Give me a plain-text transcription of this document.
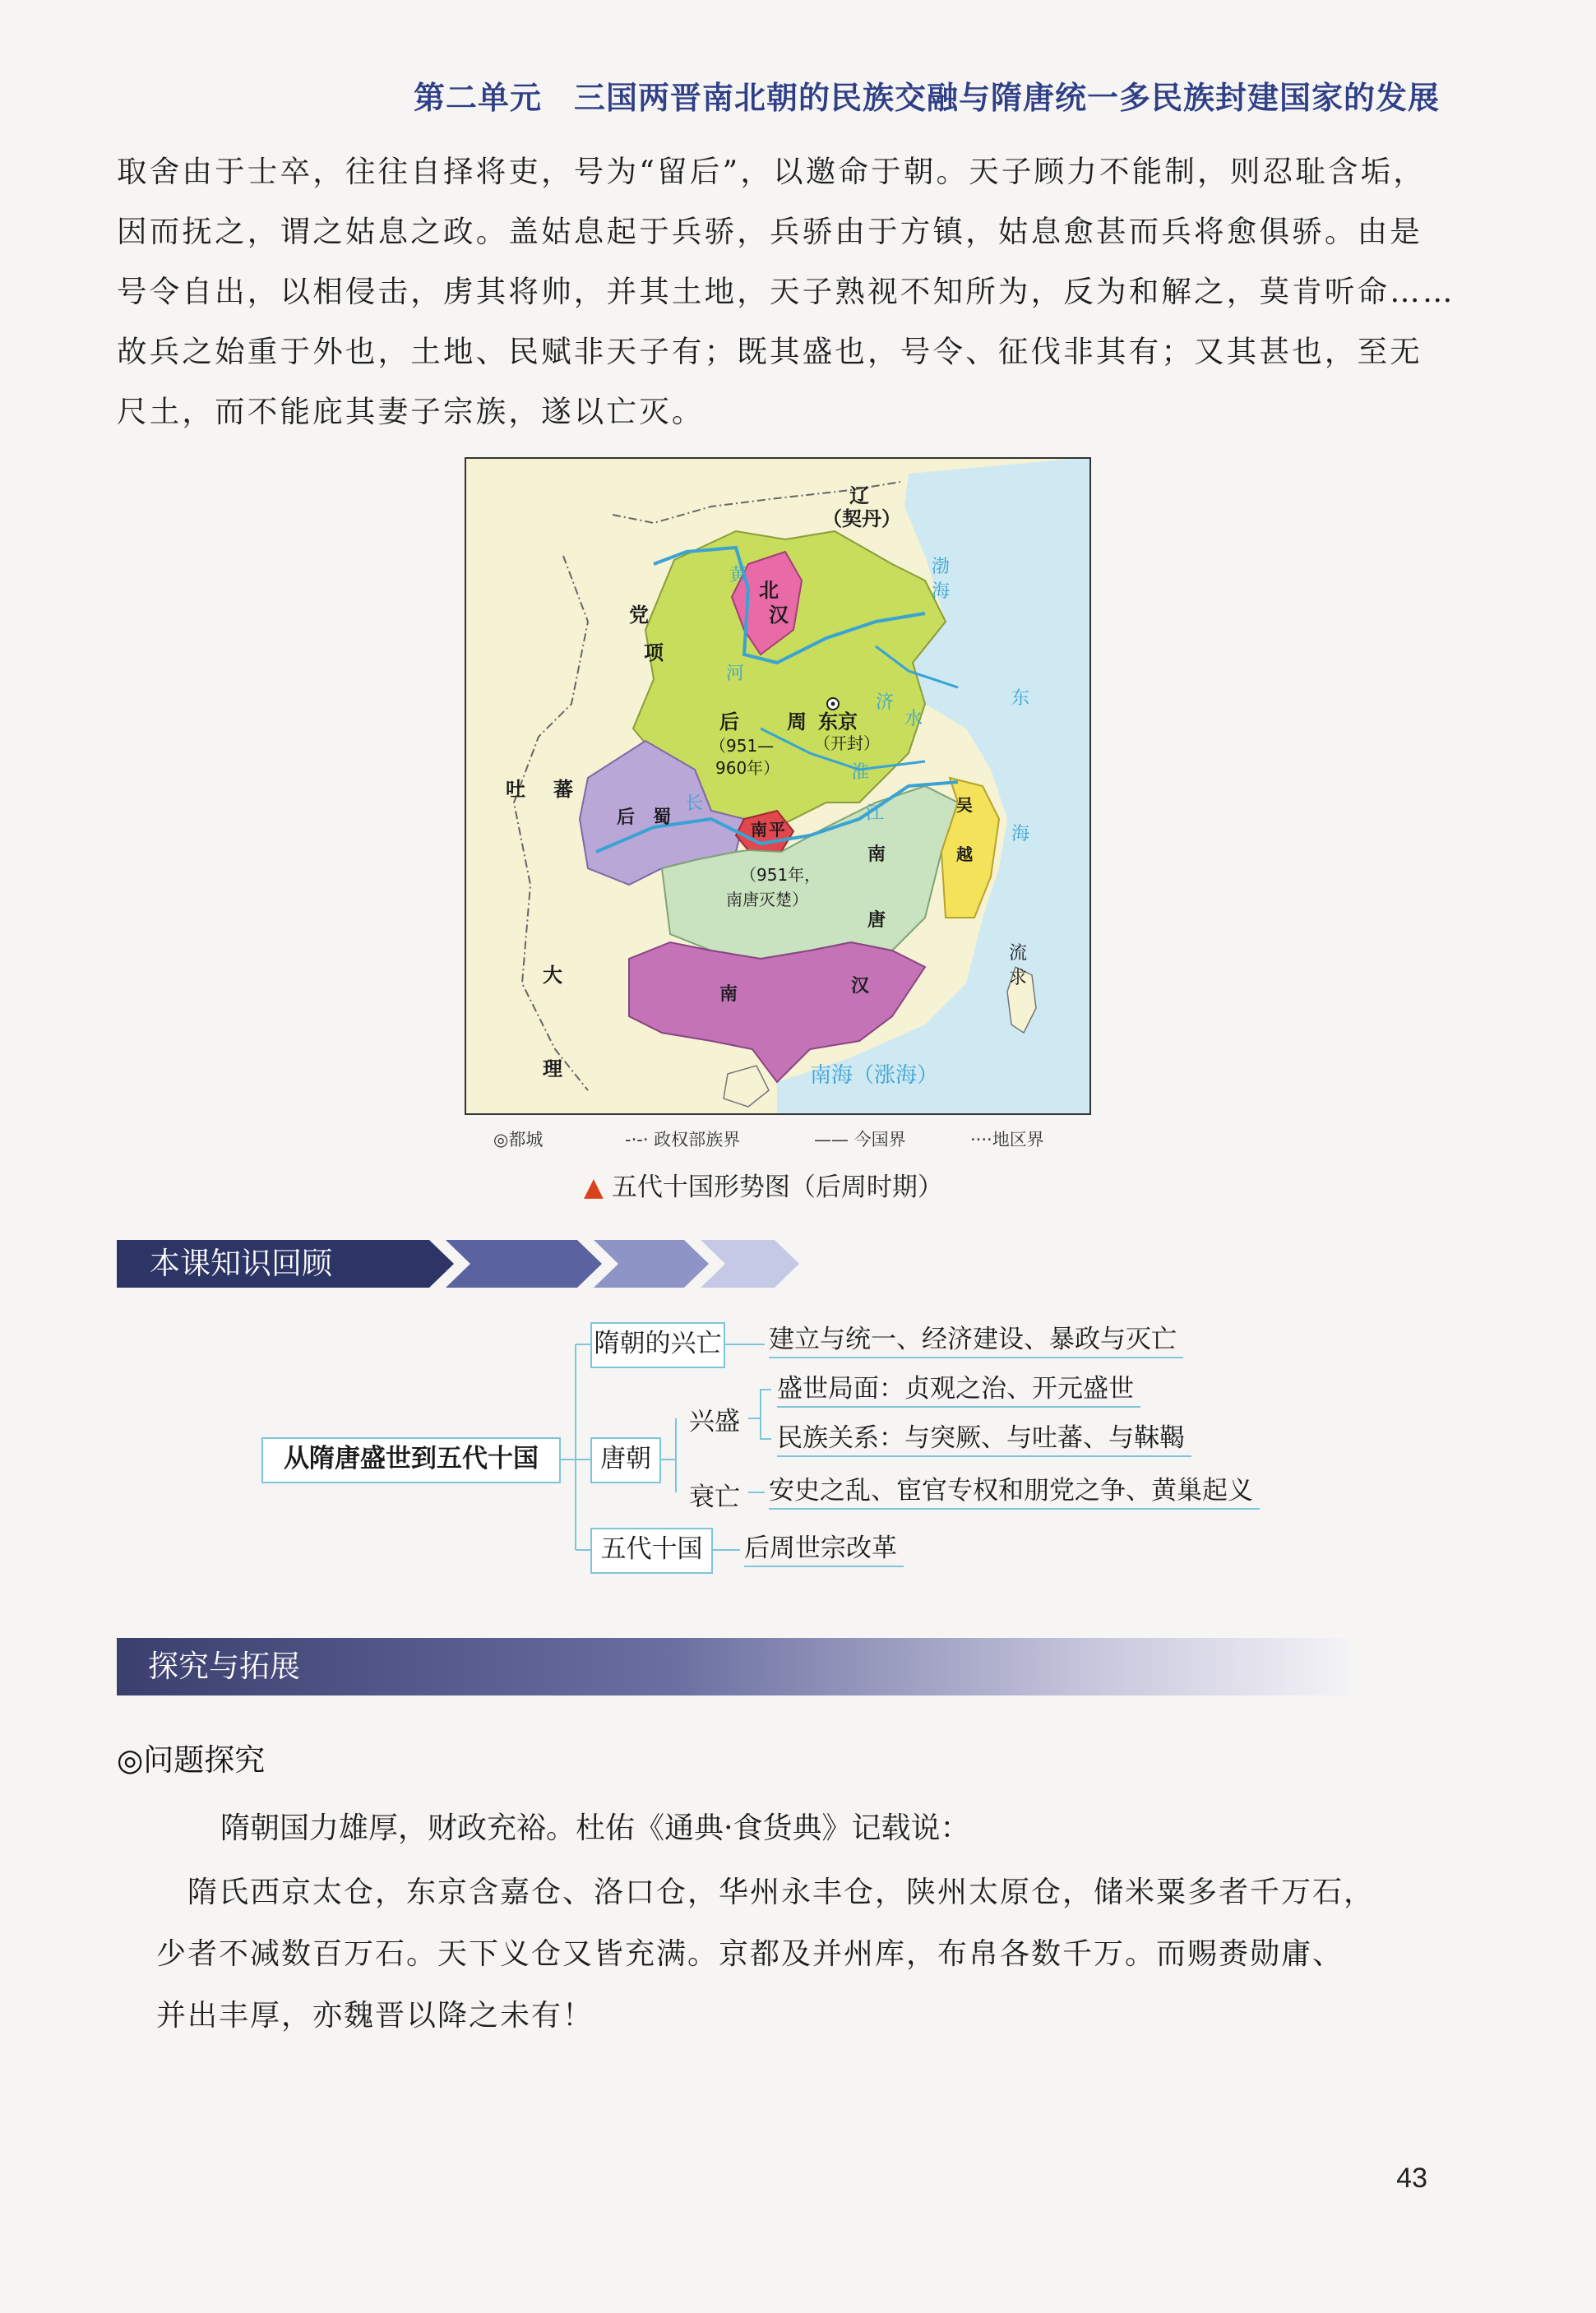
第二单元　三国两晋南北朝的民族交融与隋唐统一多民族封建国家的发展
取舍由于士卒，往往自择将吏，号为“留后”，以邀命于朝。天子顾力不能制，则忍耻含垢，
因而抚之，谓之姑息之政。盖姑息起于兵骄，兵骄由于方镇，姑息愈甚而兵将愈俱骄。由是
号令自出，以相侵击，虏其将帅，并其土地，天子熟视不知所为，反为和解之，莫肯听命……
故兵之始重于外也，土地、民赋非天子有；既其盛也，号令、征伐非其有；又其甚也，至无
尺土，而不能庇其妻子宗族，遂以亡灭。
辽
（契丹）
党
项
吐 蕃
大
理
北
汉
后 周 东京
后　蜀
南 平
南
唐
南	汉
吴
越
流
求
（951—
960年）
（开封）
（951年，
南唐灭楚）
黄
河
济
水
淮
长	江
渤
海
东
海
南海（涨海）
◎都城	-·-· 政权部族界	—— 今国界	····地区界
▲ 五代十国形势图（后周时期）
本课知识回顾
从隋唐盛世到五代十国
隋朝的兴亡 建立与统一、经济建设、暴政与灭亡
唐朝
兴盛
盛世局面：贞观之治、开元盛世
民族关系：与突厥、与吐蕃、与靺鞨
衰亡 安史之乱、宦官专权和朋党之争、黄巢起义
五代十国	后周世宗改革
探究与拓展
◎问题探究
隋朝国力雄厚，财政充裕。杜佑《通典·食货典》记载说：
　隋氏西京太仓，东京含嘉仓、洛口仓，华州永丰仓，陕州太原仓，储米粟多者千万石，
少者不减数百万石。天下义仓又皆充满。京都及并州库，布帛各数千万。而赐赉勋庸、
并出丰厚，亦魏晋以降之未有！
43
